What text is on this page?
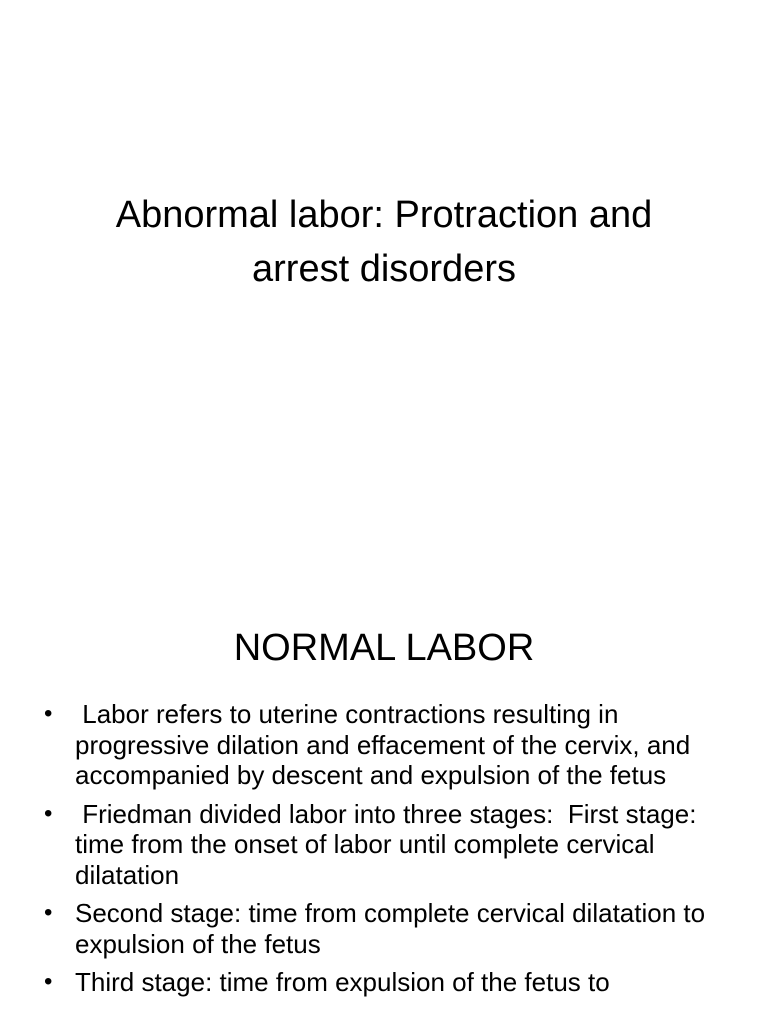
Abnormal labor: Protraction and
arrest disorders
NORMAL LABOR
• Labor refers to uterine contractions resulting in progressive dilation and effacement of the cervix, and accompanied by descent and expulsion of the fetus
• Friedman divided labor into three stages:  First stage: time from the onset of labor until complete cervical dilatation
• Second stage: time from complete cervical dilatation to expulsion of the fetus
• Third stage: time from expulsion of the fetus to
